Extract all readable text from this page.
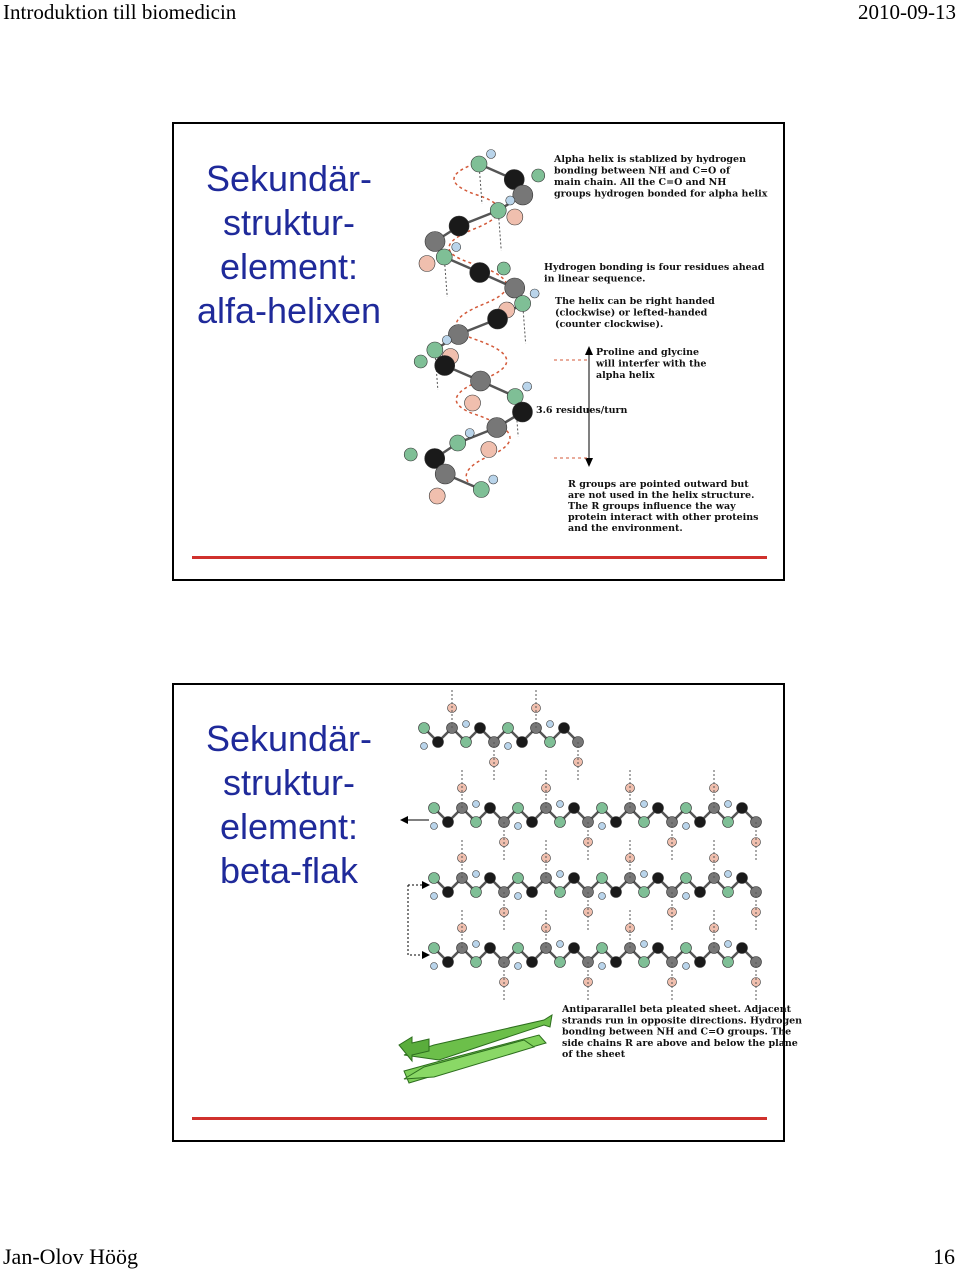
Introduktion till biomedicin	2010-09-13
Sekundär-
struktur-
element:
alfa-helixen
Alpha helix is stablized by hydrogen bonding between NH and C=O of main chain. All the C=O and NH groups hydrogen bonded for alpha helix
Hydrogen bonding is four residues ahead in linear sequence.
The helix can be right handed (clockwise) or lefted-handed (counter clockwise).
Proline and glycine will interfer with the alpha helix
3.6 residues/turn
R groups are pointed outward but are not used in the helix structure. The R groups influence the way protein interact with other proteins and the environment.
Sekundär-
struktur-
element:
beta-flak
Antipararallel beta pleated sheet. Adjacent strands run in opposite directions. Hydrogen bonding between NH and C=O groups. The side chains R are above and below the plane of the sheet
Jan-Olov Höög	16
